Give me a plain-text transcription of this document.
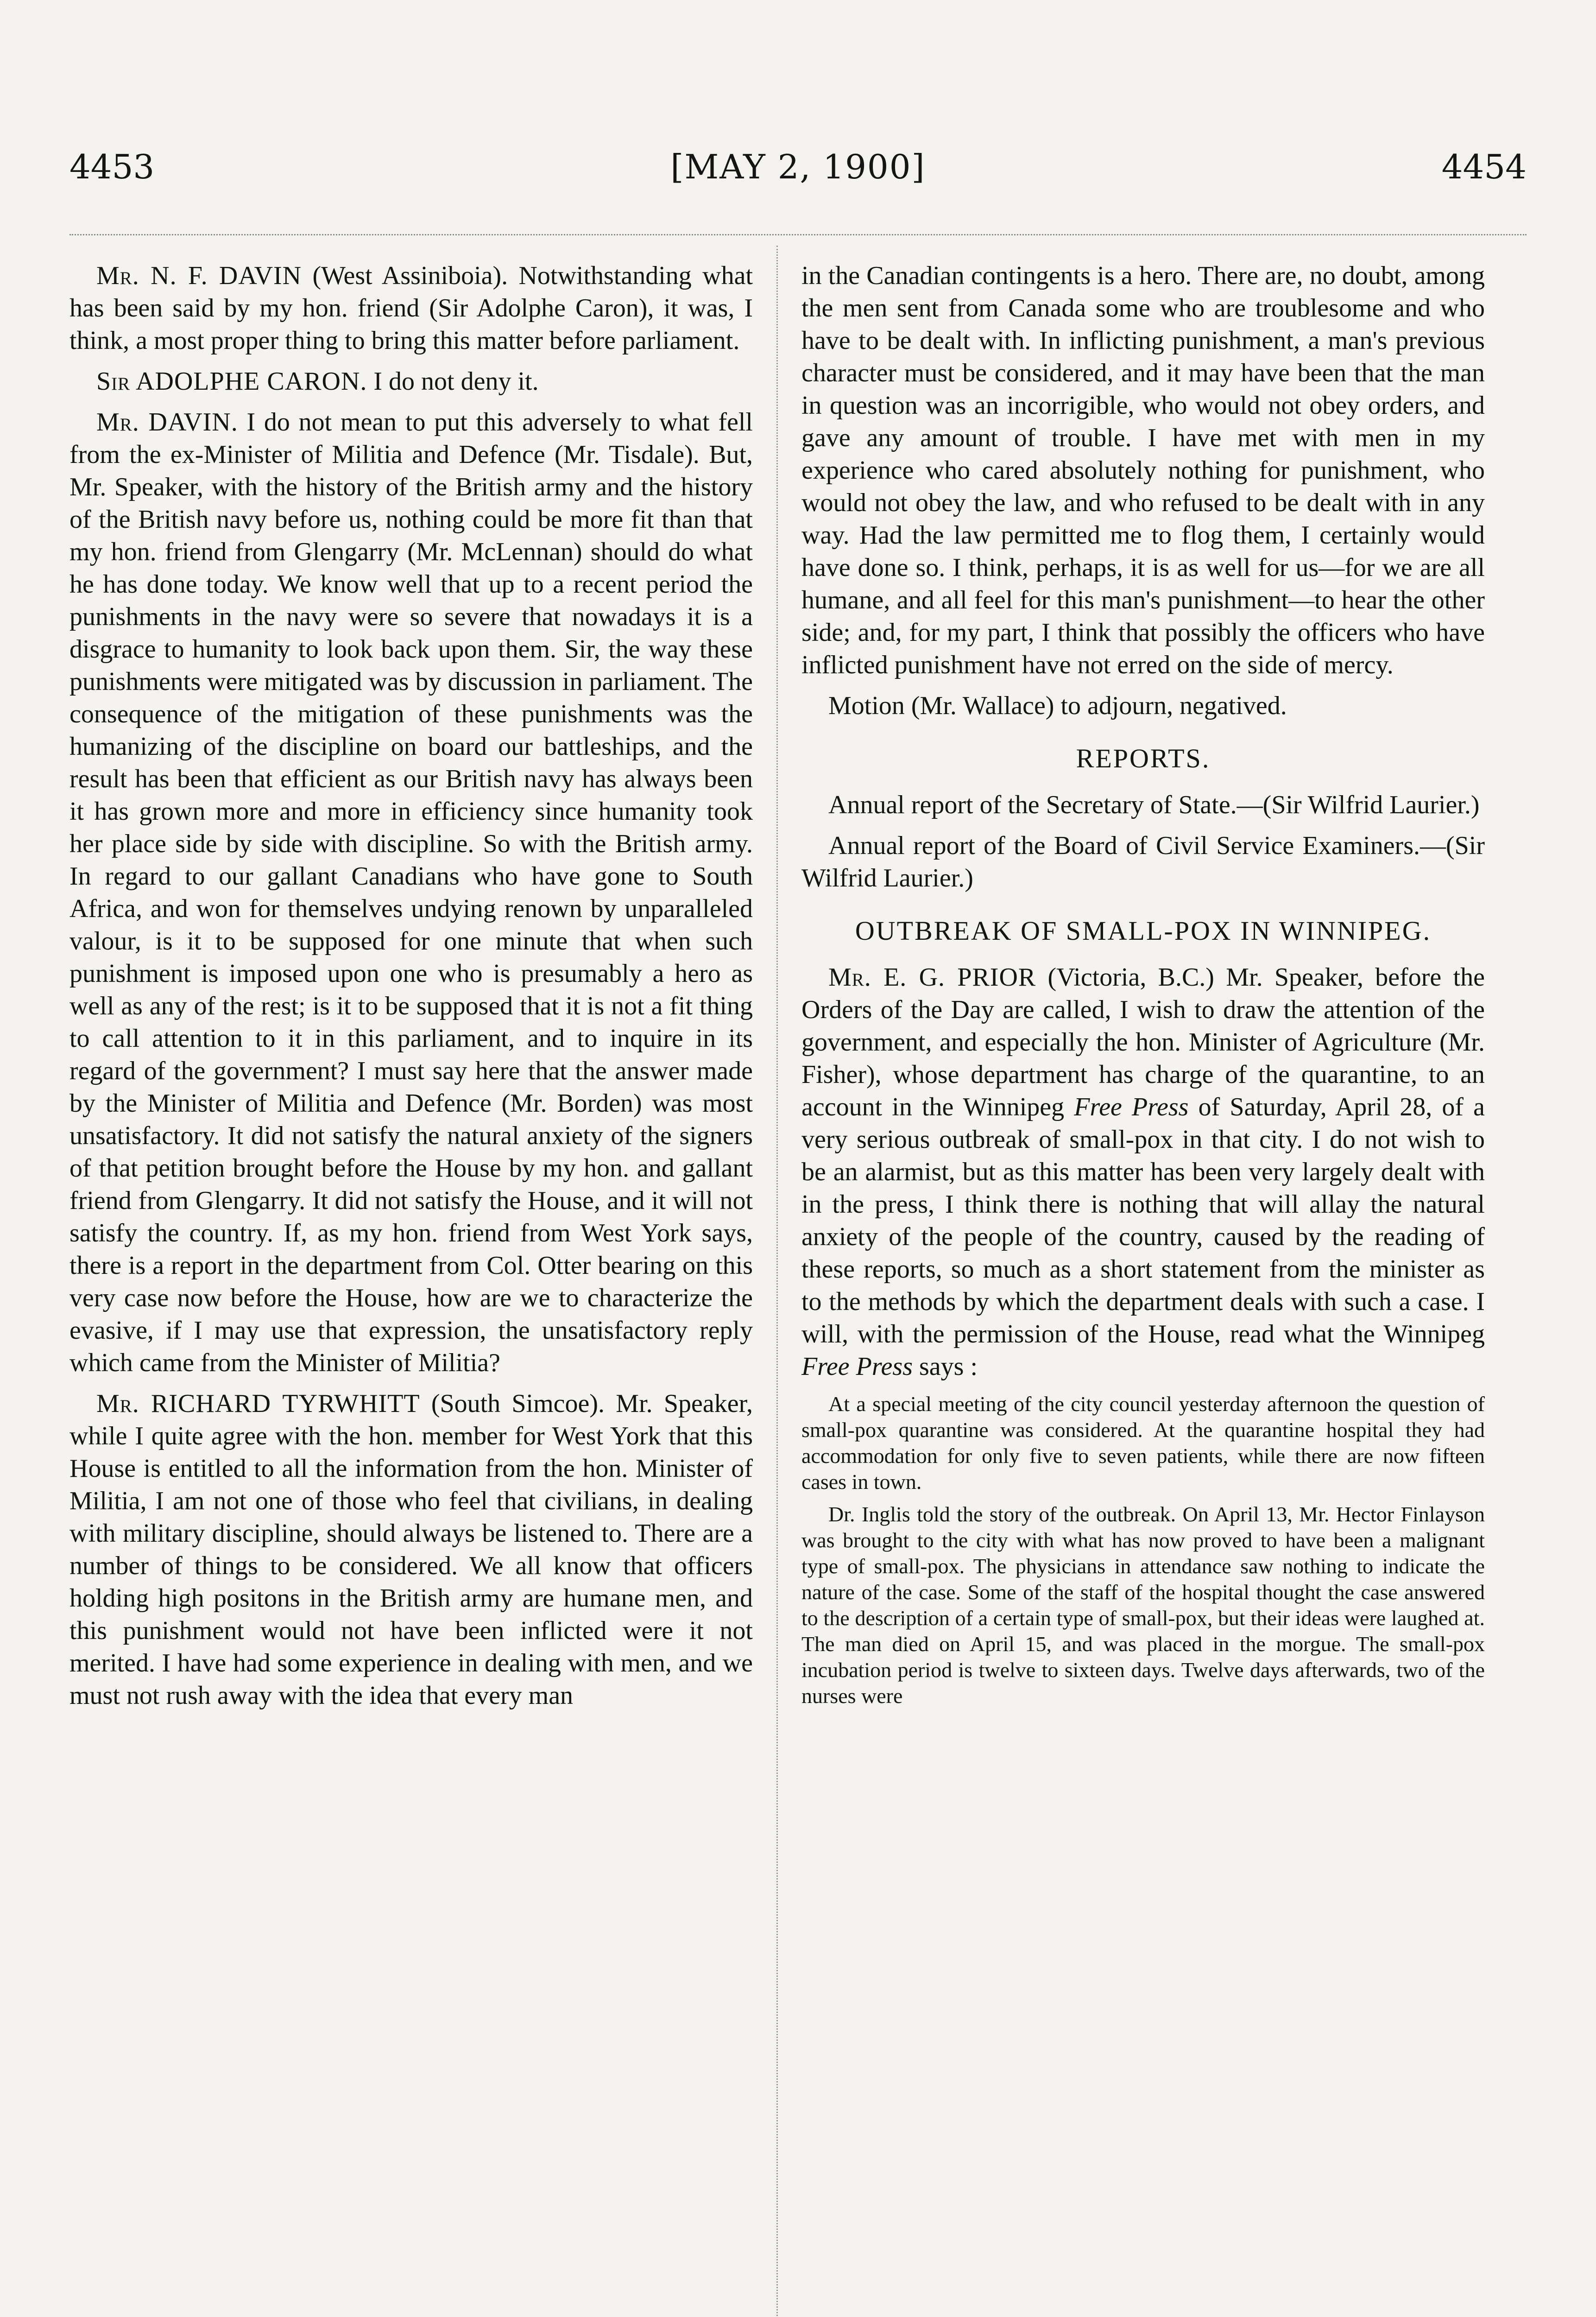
4453	[MAY 2, 1900]	4454

Mr. N. F. DAVIN (West Assiniboia). Notwithstanding what has been said by my hon. friend (Sir Adolphe Caron), it was, I think, a most proper thing to bring this matter before parliament.

Sir ADOLPHE CARON. I do not deny it.

Mr. DAVIN. I do not mean to put this adversely to what fell from the ex-Minister of Militia and Defence (Mr. Tisdale). But, Mr. Speaker, with the history of the British army and the history of the British navy before us, nothing could be more fit than that my hon. friend from Glengarry (Mr. McLennan) should do what he has done today. We know well that up to a recent period the punishments in the navy were so severe that nowadays it is a disgrace to humanity to look back upon them. Sir, the way these punishments were mitigated was by discussion in parliament. The consequence of the mitigation of these punishments was the humanizing of the discipline on board our battleships, and the result has been that efficient as our British navy has always been it has grown more and more in efficiency since humanity took her place side by side with discipline. So with the British army. In regard to our gallant Canadians who have gone to South Africa, and won for themselves undying renown by unparalleled valour, is it to be supposed for one minute that when such punishment is imposed upon one who is presumably a hero as well as any of the rest; is it to be supposed that it is not a fit thing to call attention to it in this parliament, and to inquire in its regard of the government? I must say here that the answer made by the Minister of Militia and Defence (Mr. Borden) was most unsatisfactory. It did not satisfy the natural anxiety of the signers of that petition brought before the House by my hon. and gallant friend from Glengarry. It did not satisfy the House, and it will not satisfy the country. If, as my hon. friend from West York says, there is a report in the department from Col. Otter bearing on this very case now before the House, how are we to characterize the evasive, if I may use that expression, the unsatisfactory reply which came from the Minister of Militia?

Mr. RICHARD TYRWHITT (South Simcoe). Mr. Speaker, while I quite agree with the hon. member for West York that this House is entitled to all the information from the hon. Minister of Militia, I am not one of those who feel that civilians, in dealing with military discipline, should always be listened to. There are a number of things to be considered. We all know that officers holding high positons in the British army are humane men, and this punishment would not have been inflicted were it not merited. I have had some experience in dealing with men, and we must not rush away with the idea that every man

in the Canadian contingents is a hero. There are, no doubt, among the men sent from Canada some who are troublesome and who have to be dealt with. In inflicting punishment, a man's previous character must be considered, and it may have been that the man in question was an incorrigible, who would not obey orders, and gave any amount of trouble. I have met with men in my experience who cared absolutely nothing for punishment, who would not obey the law, and who refused to be dealt with in any way. Had the law permitted me to flog them, I certainly would have done so. I think, perhaps, it is as well for us—for we are all humane, and all feel for this man's punishment—to hear the other side; and, for my part, I think that possibly the officers who have inflicted punishment have not erred on the side of mercy.

Motion (Mr. Wallace) to adjourn, negatived.

REPORTS.

Annual report of the Secretary of State.—(Sir Wilfrid Laurier.)

Annual report of the Board of Civil Service Examiners.—(Sir Wilfrid Laurier.)

OUTBREAK OF SMALL-POX IN WINNIPEG.

Mr. E. G. PRIOR (Victoria, B.C.) Mr. Speaker, before the Orders of the Day are called, I wish to draw the attention of the government, and especially the hon. Minister of Agriculture (Mr. Fisher), whose department has charge of the quarantine, to an account in the Winnipeg Free Press of Saturday, April 28, of a very serious outbreak of small-pox in that city. I do not wish to be an alarmist, but as this matter has been very largely dealt with in the press, I think there is nothing that will allay the natural anxiety of the people of the country, caused by the reading of these reports, so much as a short statement from the minister as to the methods by which the department deals with such a case. I will, with the permission of the House, read what the Winnipeg Free Press says :

At a special meeting of the city council yesterday afternoon the question of small-pox quarantine was considered. At the quarantine hospital they had accommodation for only five to seven patients, while there are now fifteen cases in town.

Dr. Inglis told the story of the outbreak. On April 13, Mr. Hector Finlayson was brought to the city with what has now proved to have been a malignant type of small-pox. The physicians in attendance saw nothing to indicate the nature of the case. Some of the staff of the hospital thought the case answered to the description of a certain type of small-pox, but their ideas were laughed at. The man died on April 15, and was placed in the morgue. The small-pox incubation period is twelve to sixteen days. Twelve days afterwards, two of the nurses were
